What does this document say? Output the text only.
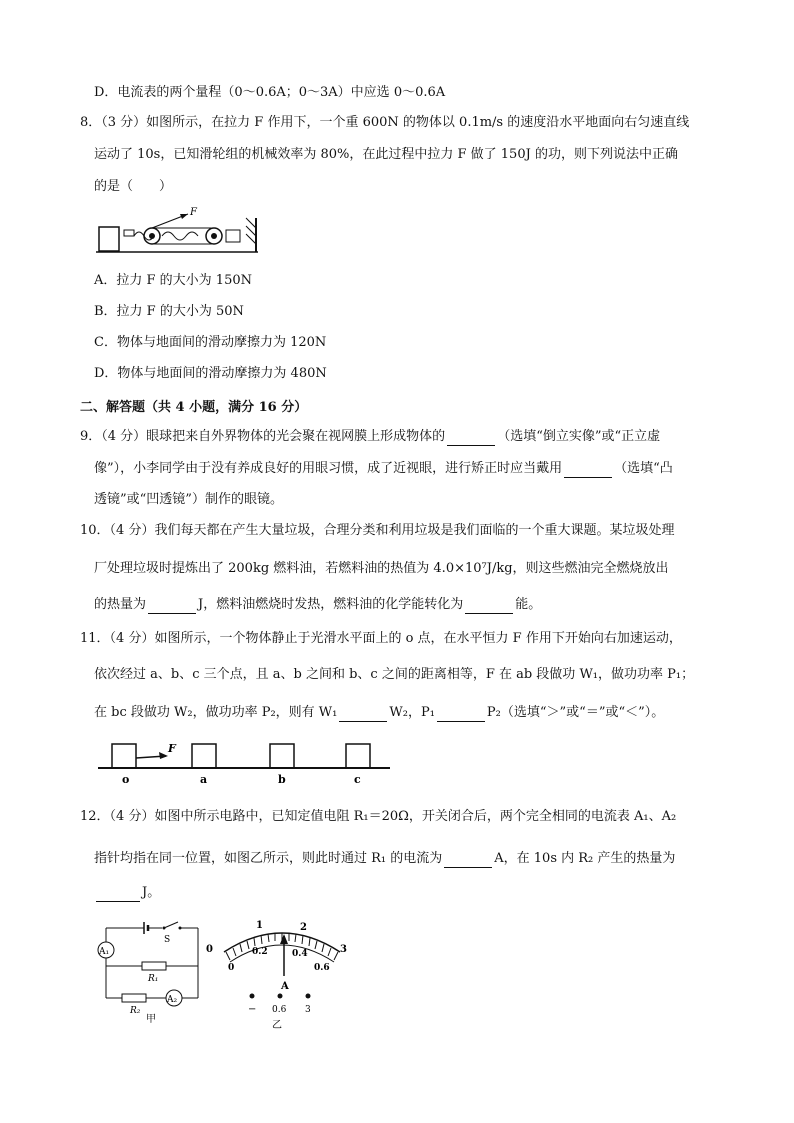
D．电流表的两个量程（0～0.6A；0～3A）中应选 0～0.6A
8．（3 分）如图所示，在拉力 F 作用下，一个重 600N 的物体以 0.1m/s 的速度沿水平地面向右匀速直线
运动了 10s，已知滑轮组的机械效率为 80%，在此过程中拉力 F 做了 150J 的功，则下列说法中正确
的是（　　）
F
A．拉力 F 的大小为 150N
B．拉力 F 的大小为 50N
C．物体与地面间的滑动摩擦力为 120N
D．物体与地面间的滑动摩擦力为 480N
二、解答题（共 4 小题，满分 16 分）
9．（4 分）眼球把来自外界物体的光会聚在视网膜上形成物体的	（选填“倒立实像”或“正立虚
像”），小李同学由于没有养成良好的用眼习惯，成了近视眼，进行矫正时应当戴用	（选填“凸
透镜”或“凹透镜”）制作的眼镜。
10．（4 分）我们每天都在产生大量垃圾，合理分类和利用垃圾是我们面临的一个重大课题。某垃圾处理
厂处理垃圾时提炼出了 200kg 燃料油，若燃料油的热值为 4.0×10⁷J/kg，则这些燃油完全燃烧放出
的热量为	J，燃料油燃烧时发热，燃料油的化学能转化为	能。
11．（4 分）如图所示，一个物体静止于光滑水平面上的 o 点，在水平恒力 F 作用下开始向右加速运动，
依次经过 a、b、c 三个点，且 a、b 之间和 b、c 之间的距离相等，F 在 ab 段做功 W₁，做功功率 P₁；
在 bc 段做功 W₂，做功功率 P₂，则有 W₁	W₂，P₁	P₂（选填“＞”或“＝”或“＜”）。
F
o	a	b	c
12．（4 分）如图中所示电路中，已知定值电阻 R₁＝20Ω，开关闭合后，两个完全相同的电流表 A₁、A₂
指针均指在同一位置，如图乙所示，则此时通过 R₁ 的电流为	A，在 10s 内 R₂ 产生的热量为
J。
S
A₁
R₁
R₂
A₂
甲
0
1	2
3
0
0.2	0.4
0.6
A
− 0.6 3
乙
